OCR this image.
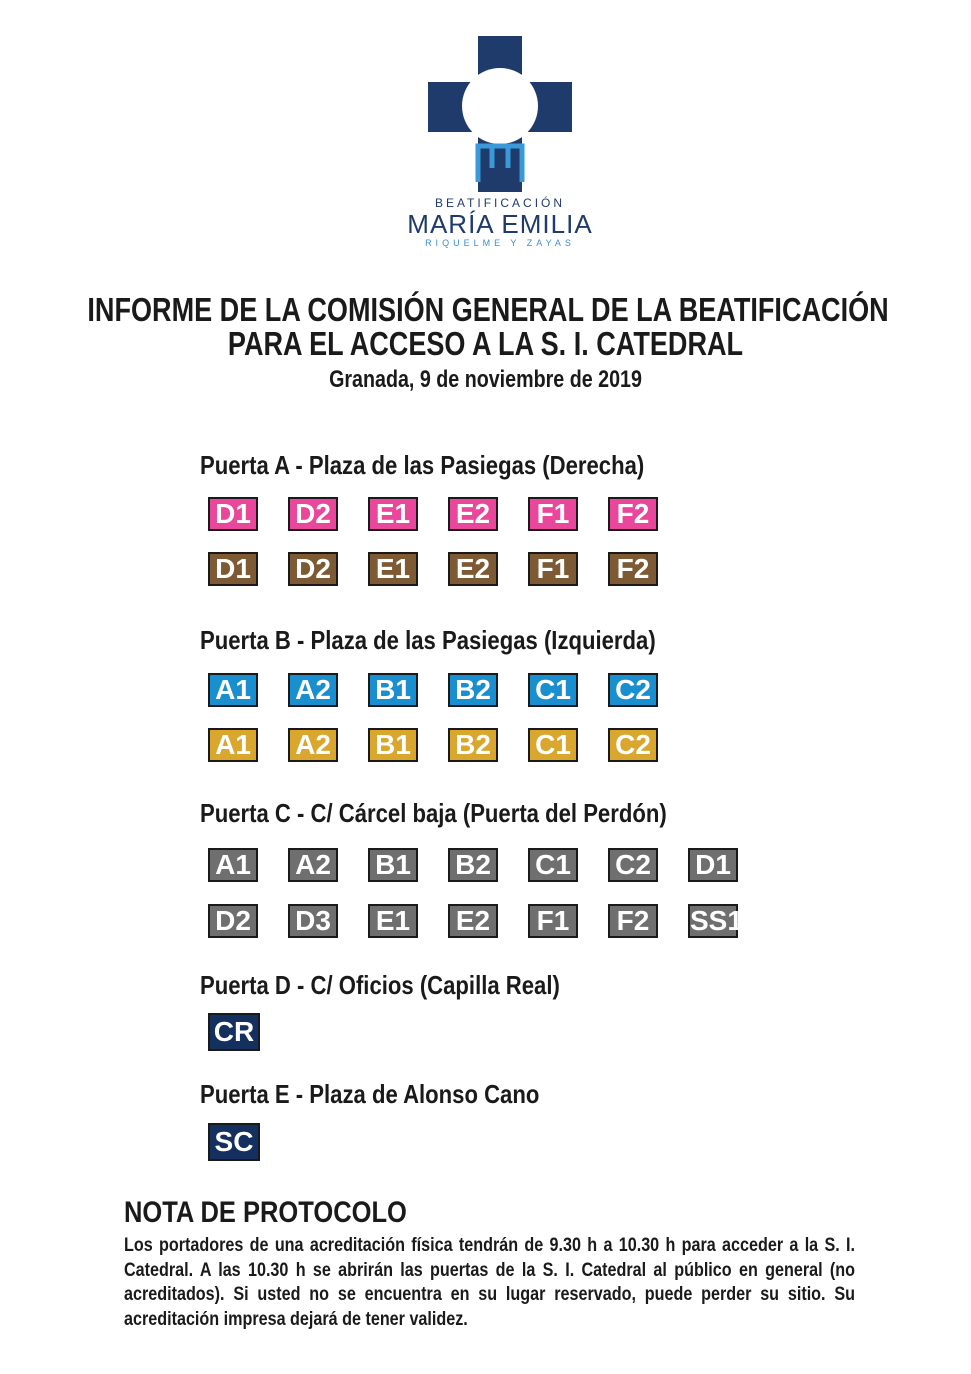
BEATIFICACIÓN
MARÍA EMILIA
RIQUELME Y ZAYAS
INFORME DE LA COMISIÓN GENERAL DE LA BEATIFICACIÓN
PARA EL ACCESO A LA S. I. CATEDRAL
Granada, 9 de noviembre de 2019
Puerta A - Plaza de las Pasiegas (Derecha)
D1 D2 E1 E2	F1	F2
D1 D2 E1 E2	F1	F2
Puerta B - Plaza de las Pasiegas (Izquierda)
A1 A2 B1 B2 C1 C2
A1 A2 B1 B2 C1 C2
Puerta C - C/ Cárcel baja (Puerta del Perdón)
A1 A2 B1 B2 C1 C2 D1
D2 D3 E1 E2	F1	F2	SS1
Puerta D - C/ Oficios (Capilla Real)
CR
Puerta E - Plaza de Alonso Cano
SC
NOTA DE PROTOCOLO
Los portadores de una acreditación física tendrán de 9.30 h a 10.30 h para acceder a la S. I. Catedral. A las 10.30 h se abrirán las puertas de la S. I. Catedral al público en general (no acreditados). Si usted no se encuentra en su lugar reservado, puede perder su sitio. Su acreditación impresa dejará de tener validez.
